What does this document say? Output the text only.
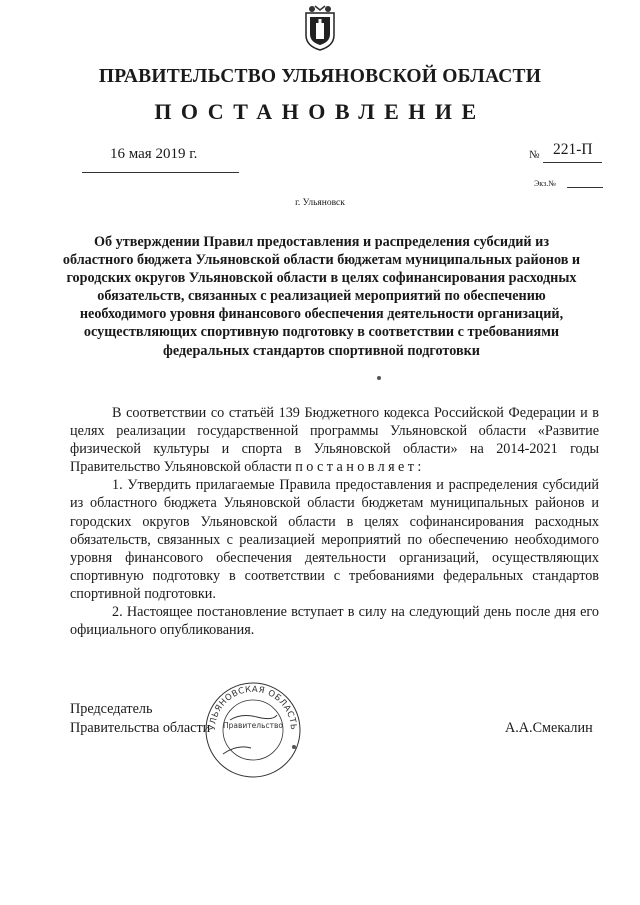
ПРАВИТЕЛЬСТВО УЛЬЯНОВСКОЙ ОБЛАСТИ
ПОСТАНОВЛЕНИЕ
16 мая 2019 г.	№ 221-П
Экз.№
г. Ульяновск
Об утверждении Правил предоставления и распределения субсидий из областного бюджета Ульяновской области бюджетам муниципальных районов и городских округов Ульяновской области в целях софинансирования расходных обязательств, связанных с реализацией мероприятий по обеспечению необходимого уровня финансового обеспечения деятельности организаций, осуществляющих спортивную подготовку в соответствии с требованиями федеральных стандартов спортивной подготовки

В соответствии со статьёй 139 Бюджетного кодекса Российской Федерации и в целях реализации государственной программы Ульяновской области «Развитие физической культуры и спорта в Ульяновской области» на 2014-2021 годы Правительство Ульяновской области постановляет:

1. Утвердить прилагаемые Правила предоставления и распределения субсидий из областного бюджета Ульяновской области бюджетам муниципальных районов и городских округов Ульяновской области в целях софинансирования расходных обязательств, связанных с реализацией мероприятий по обеспечению необходимого уровня финансового обеспечения деятельности организаций, осуществляющих спортивную подготовку в соответствии с требованиями федеральных стандартов спортивной подготовки.

2. Настоящее постановление вступает в силу на следующий день после дня его официального опубликования.

Председатель
Правительства области	А.А.Смекалин
УЛЬЯНОВСКАЯ ОБЛАСТЬ
Правительство
